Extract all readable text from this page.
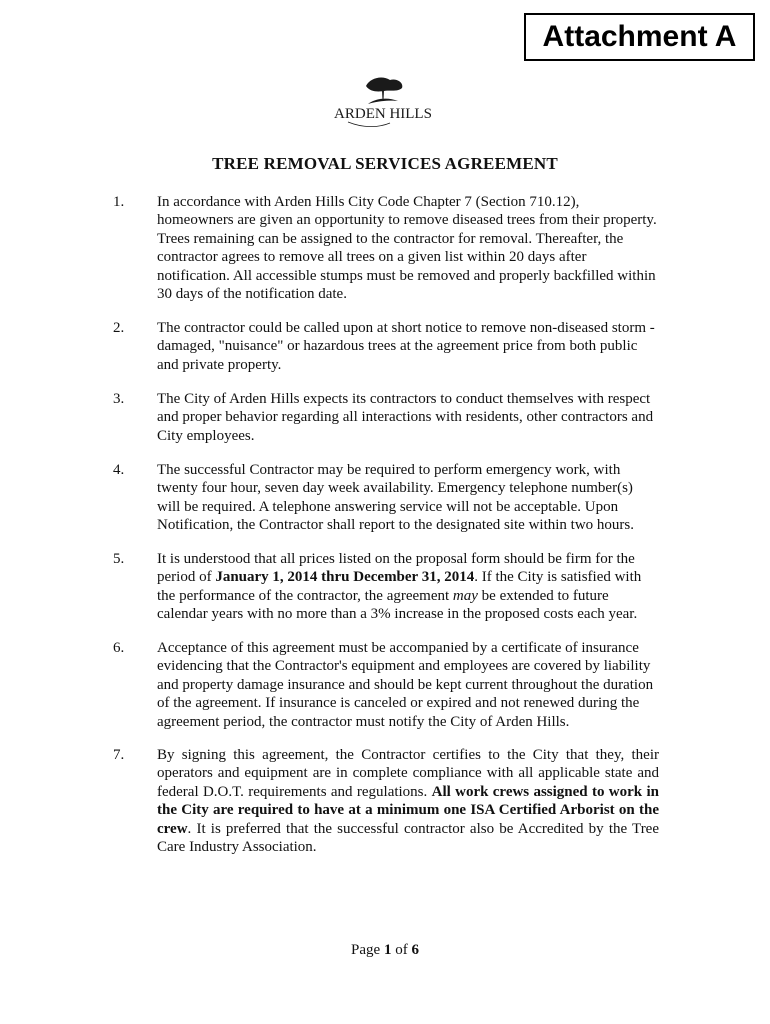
Attachment A
ARDEN HILLS
TREE REMOVAL SERVICES AGREEMENT
1. In accordance with Arden Hills City Code Chapter 7 (Section 710.12), homeowners are given an opportunity to remove diseased trees from their property. Trees remaining can be assigned to the contractor for removal. Thereafter, the contractor agrees to remove all trees on a given list within 20 days after notification. All accessible stumps must be removed and properly backfilled within 30 days of the notification date.

2. The contractor could be called upon at short notice to remove non-diseased storm - damaged, "nuisance" or hazardous trees at the agreement price from both public and private property.

3. The City of Arden Hills expects its contractors to conduct themselves with respect and proper behavior regarding all interactions with residents, other contractors and City employees.

4. The successful Contractor may be required to perform emergency work, with twenty four hour, seven day week availability. Emergency telephone number(s) will be required. A telephone answering service will not be acceptable. Upon Notification, the Contractor shall report to the designated site within two hours.

5. It is understood that all prices listed on the proposal form should be firm for the period of January 1, 2014 thru December 31, 2014. If the City is satisfied with the performance of the contractor, the agreement may be extended to future calendar years with no more than a 3% increase in the proposed costs each year.

6. Acceptance of this agreement must be accompanied by a certificate of insurance evidencing that the Contractor's equipment and employees are covered by liability and property damage insurance and should be kept current throughout the duration of the agreement. If insurance is canceled or expired and not renewed during the agreement period, the contractor must notify the City of Arden Hills.

7. By signing this agreement, the Contractor certifies to the City that they, their operators and equipment are in complete compliance with all applicable state and federal D.O.T. requirements and regulations. All work crews assigned to work in the City are required to have at a minimum one ISA Certified Arborist on the crew. It is preferred that the successful contractor also be Accredited by the Tree Care Industry Association.

Page 1 of 6
